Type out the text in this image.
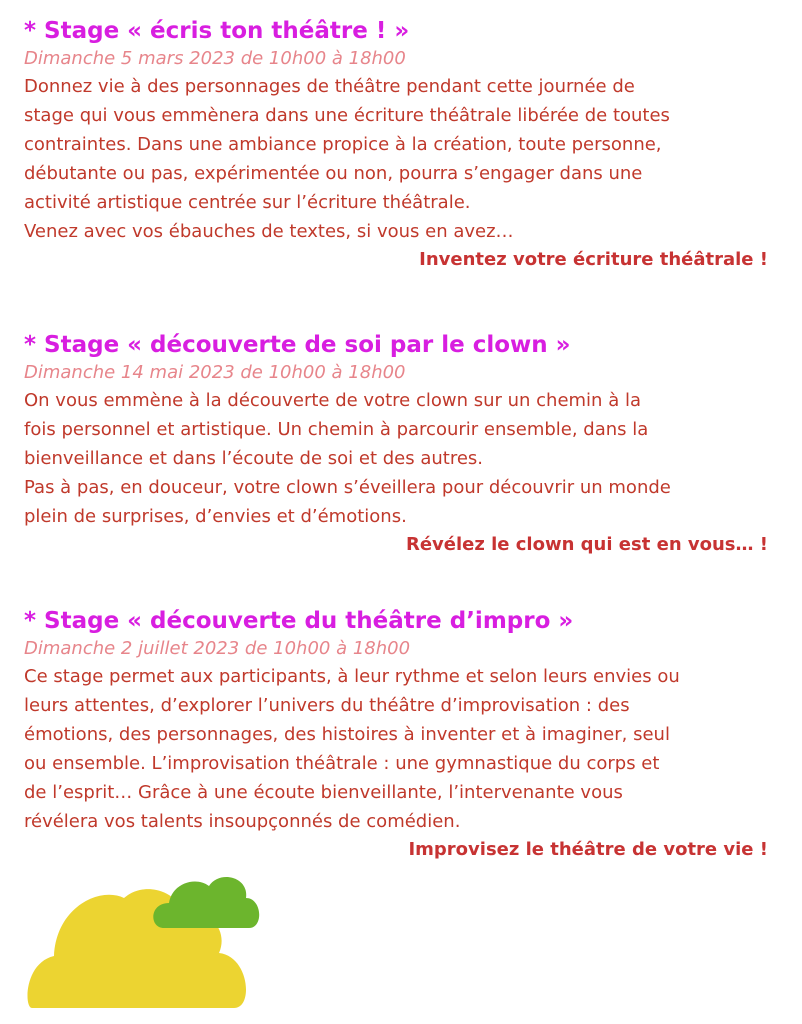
* Stage « écris ton théâtre ! »

Dimanche 5 mars 2023 de 10h00 à 18h00

Donnez vie à des personnages de théâtre pendant cette journée de
stage qui vous emmènera dans une écriture théâtrale libérée de toutes
contraintes. Dans une ambiance propice à la création, toute personne,
débutante ou pas, expérimentée ou non, pourra s’engager dans une
activité artistique centrée sur l’écriture théâtrale.
Venez avec vos ébauches de textes, si vous en avez…

Inventez votre écriture théâtrale !

* Stage « découverte de soi par le clown »

Dimanche 14 mai 2023 de 10h00 à 18h00

On vous emmène à la découverte de votre clown sur un chemin à la
fois personnel et artistique. Un chemin à parcourir ensemble, dans la
bienveillance et dans l’écoute de soi et des autres.
Pas à pas, en douceur, votre clown s’éveillera pour découvrir un monde
plein de surprises, d’envies et d’émotions.

Révélez le clown qui est en vous… !

* Stage « découverte du théâtre d’impro »

Dimanche 2 juillet 2023 de 10h00 à 18h00

Ce stage permet aux participants, à leur rythme et selon leurs envies ou
leurs attentes, d’explorer l’univers du théâtre d’improvisation : des
émotions, des personnages, des histoires à inventer et à imaginer, seul
ou ensemble. L’improvisation théâtrale : une gymnastique du corps et
de l’esprit… Grâce à une écoute bienveillante, l’intervenante vous
révélera vos talents insoupçonnés de comédien.

Improvisez le théâtre de votre vie !
